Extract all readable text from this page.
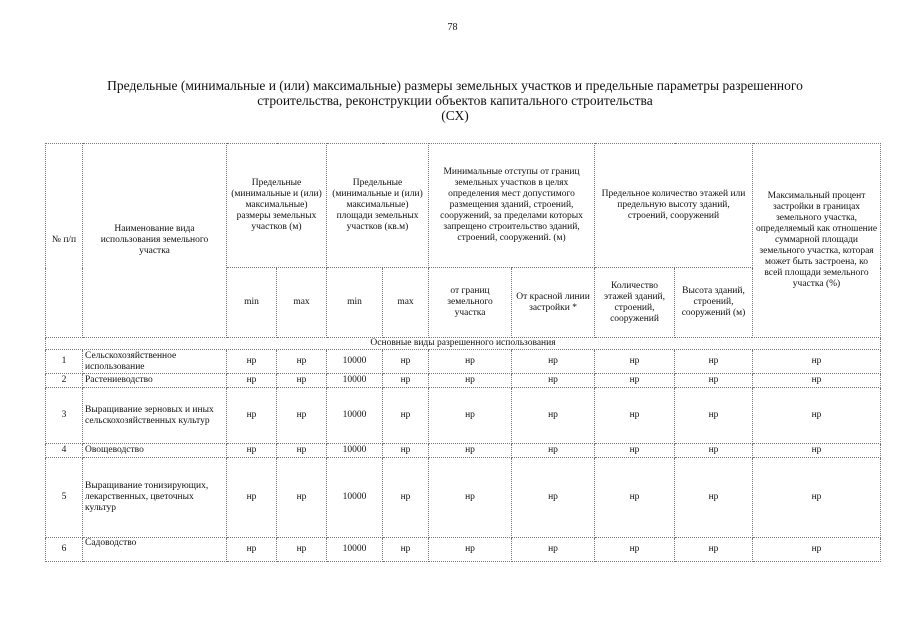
78
Предельные (минимальные и (или) максимальные) размеры земельных участков и предельные параметры разрешенного
строительства, реконструкции объектов капитального строительства
(СХ)
№ п/п	Наименование вида использования земельного участка	Предельные (минимальные и (или) максимальные) размеры земельных участков (м)		Предельные (минимальные и (или) максимальные) площади земельных участков (кв.м)		Минимальные отступы от границ земельных участков в целях определения мест допустимого размещения зданий, строений, сооружений, за пределами которых запрещено строительство зданий, строений, сооружений. (м)		Предельное количество этажей или предельную высоту зданий, строений, сооружений		Максимальный процент застройки в границах земельного участка, определяемый как отношение суммарной площади земельного участка, которая может быть застроена, ко всей площади земельного участка (%)
		min	max	min	max	от границ земельного участка	От красной линии застройки *	Количество этажей зданий, строений, сооружений	Высота зданий, строений, сооружений (м)	
Основные виды разрешенного использования										
1	Сельскохозяйственное использование	нр	нр	10000	нр	нр	нр	нр	нр	нр
2	Растениеводство	нр	нр	10000	нр	нр	нр	нр	нр	нр
3	Выращивание зерновых и иных сельскохозяйственных культур	нр	нр	10000	нр	нр	нр	нр	нр	нр
4	Овощеводство	нр	нр	10000	нр	нр	нр	нр	нр	нр
5	Выращивание тонизирующих, лекарственных, цветочных культур	нр	нр	10000	нр	нр	нр	нр	нр	нр
6	Садоводство	нр	нр	10000	нр	нр	нр	нр	нр	нр
